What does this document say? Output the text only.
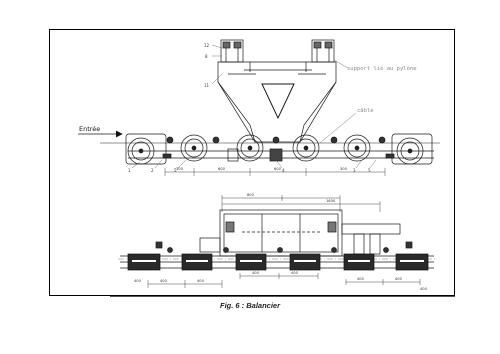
support lié au pylône
câble
Entrée
12
8
11
1	2	5	4	3	5
300	600	600	300
800
1600
400	400
400	400
400	400
400
400
Fig. 6 : Balancier
